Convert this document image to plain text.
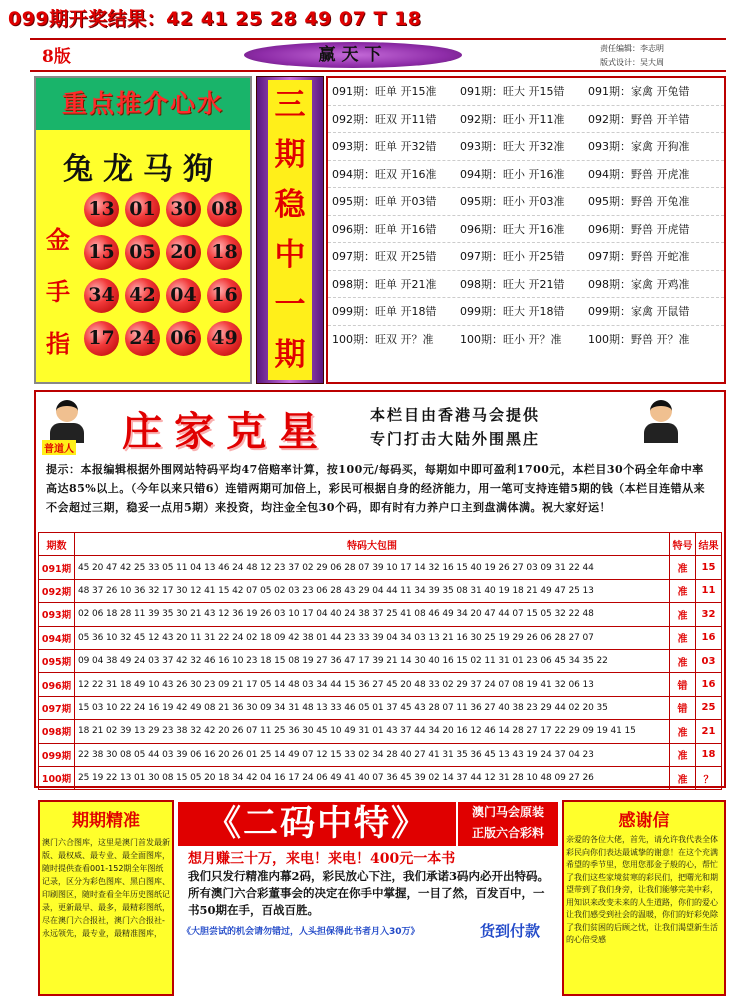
099期开奖结果：42 41 25 28 49 07 T 18
8版	赢天下	责任编辑：李志明
版式设计：吴大周
重点推介心水
兔龙马狗
金手指
13 01 30 08
15 05 20 18
34 42 04 16
17 24 06 49
三期稳中一期
091期：旺单 开15准	091期：旺大 开15错	091期：家禽 开兔错
092期：旺双 开11错	092期：旺小 开11准	092期：野兽 开羊错
093期：旺单 开32错	093期：旺大 开32准	093期：家禽 开狗准
094期：旺双 开16准	094期：旺小 开16准	094期：野兽 开虎准
095期：旺单 开03错	095期：旺小 开03准	095期：野兽 开兔准
096期：旺单 开16错	096期：旺大 开16准	096期：野兽 开虎错
097期：旺双 开25错	097期：旺小 开25错	097期：野兽 开蛇准
098期：旺单 开21准	098期：旺大 开21错	098期：家禽 开鸡准
099期：旺单 开18错	099期：旺大 开18错	099期：家禽 开鼠错
100期：旺双 开？准	100期：旺小 开？准	100期：野兽 开？准
普道人 庄家克星	本栏目由香港马会提供
专门打击大陆外围黑庄
提示：本报编辑根据外围网站特码平均47倍赔率计算，按100元/每码买，每期如中即可盈利1700元，本栏目30个码全年命中率高达85%以上。（今年以来只错6）连错两期可加倍上，彩民可根据自身的经济能力，用一笔可支持连错5期的钱（本栏目连错从来不会超过三期，稳妥一点用5期）来投资，均注金全包30个码，即有时有力养户口主到盘满体满。祝大家好运！
期数	特码大包围	特号	结果
091期	45 20 47 42 25 33 05 11 04 13 46 24 48 12 23 37 02 29 06 28 07 39 10 17 14 32 16 15 40 19 26 27 03 09 31 22 44	准	15
092期	48 37 26 10 36 32 17 30 12 41 15 42 07 05 02 03 23 06 28 43 29 04 44 11 34 39 35 08 31 40 19 18 21 49 47 25 13	准	11
093期	02 06 18 28 11 39 35 30 21 43 12 36 19 26 03 10 17 04 40 24 38 37 25 41 08 46 49 34 20 47 44 07 15 05 32 22 48	准	32
094期	05 36 10 32 45 12 43 20 11 31 22 24 02 18 09 42 38 01 44 23 33 39 04 34 03 13 21 16 30 25 19 29 26 06 28 27 07	准	16
095期	09 04 38 49 24 03 37 42 32 46 16 10 23 18 15 08 19 27 36 47 17 39 21 14 30 40 16 15 02 11 31 01 23 06 45 34 35 22	准	03
096期	12 22 31 18 49 10 43 26 30 23 09 21 17 05 14 48 03 34 44 15 36 27 45 20 48 33 02 29 37 24 07 08 19 41 32 06 13	错	16
097期	15 03 10 22 24 16 19 42 49 08 21 36 30 09 34 31 48 13 33 46 05 01 37 45 43 28 07 11 36 27 40 38 23 29 44 02 20 35	错	25
098期	18 21 02 39 13 29 23 38 32 42 20 26 07 11 25 36 30 45 10 49 31 01 43 37 44 34 20 16 12 46 14 28 27 17 22 29 09 19 41 15	准	21
099期	22 38 30 08 05 44 03 39 06 16 20 26 01 25 14 49 07 12 15 33 02 34 28 40 27 41 31 35 36 45 13 43 19 24 37 04 23	准	18
100期	25 19 22 13 01 30 08 15 05 20 18 34 42 04 16 17 24 06 49 41 40 07 36 45 39 02 14 37 44 12 31 28 10 48 09 27 26	准	？
期期精准
澳门六合图库，这里是澳门首发最新版、最权威、最专业、最全面图库，随时提供查看001-152期全年图纸记录，区分为彩色图库、黑白图库、印刷图区，随时查看全年历史图纸记录，更新最早、最多，最精彩图纸，尽在澳门六合报社，澳门六合报社-永远领先，最专业，最精准图库，
《二码中特》	澳门马会原装
正版六合彩料
想月赚三十万，来电！来电！400元一本书
我们只发行精准内幕2码，彩民放心下注，我们承诺3码内必开出特码。所有澳门六合彩董事会的决定在你手中掌握，一目了然，百发百中，一书50期在手，百战百胜。
《大胆尝试的机会请勿错过，人头担保得此书者月入30万》	货到付款
感谢信
亲爱的各位大佬，首先，请允许我代表全体彩民向你们表达最诚挚的谢意！在这个充满希望的季节里，您用您那金子般的心，帮忙了我们这些家境贫寒的彩民们，把曙光和期望带到了我们身旁，让我们能够完美中彩，用知识来改变未来的人生道路，你们的爱心让我们感受到社会的温暖，你们的好彩免除了我们贫困的后顾之忧，让我们渴望新生活的心倍受感
